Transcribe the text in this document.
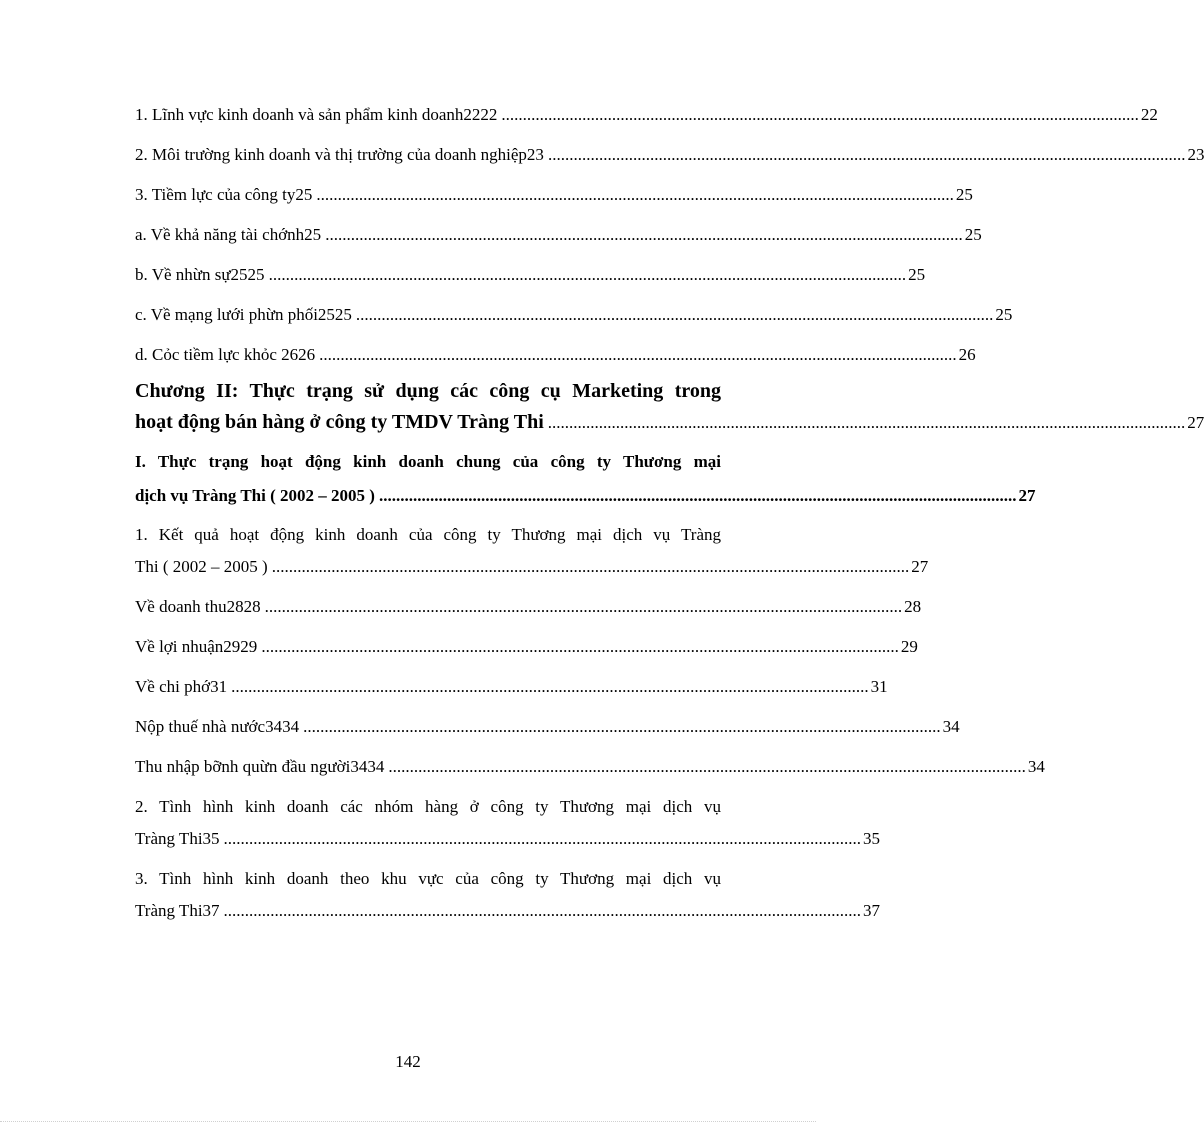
1. Lĩnh vực kinh doanh và sản phẩm kinh doanh2222 ...................................................................................................................................................... 22
2. Môi trường kinh doanh và thị trường của doanh nghiệp23 ...................................................................................................................................................... 23
3. Tiềm lực của công ty25 ...................................................................................................................................................... 25
a. Về khả năng tài chớnh25 ...................................................................................................................................................... 25
b. Về nhừn sự2525 ...................................................................................................................................................... 25
c. Về mạng lưới phừn phối2525 ...................................................................................................................................................... 25
d. Cỏc tiềm lực khỏc 2626 ...................................................................................................................................................... 26
Chương II: Thực trạng sử dụng các công cụ Marketing trong
hoạt động bán hàng ở công ty TMDV Tràng Thi ...................................................................................................................................................... 27
I. Thực trạng hoạt động kinh doanh chung của công ty Thương mại
dịch vụ Tràng Thi ( 2002 – 2005 ) ...................................................................................................................................................... 27
1. Kết quả hoạt động kinh doanh của công ty Thương mại dịch vụ Tràng
Thi ( 2002 – 2005 ) ...................................................................................................................................................... 27
Về doanh thu2828 ...................................................................................................................................................... 28
Về lợi nhuận2929 ...................................................................................................................................................... 29
Về chi phớ31 ...................................................................................................................................................... 31
Nộp thuế nhà nước3434 ...................................................................................................................................................... 34
Thu nhập bỡnh quừn đầu người3434 ...................................................................................................................................................... 34
2. Tình hình kinh doanh các nhóm hàng ở công ty Thương mại dịch vụ
Tràng Thi35 ...................................................................................................................................................... 35
3. Tình hình kinh doanh theo khu vực của công ty Thương mại dịch vụ
Tràng Thi37 ...................................................................................................................................................... 37
142
